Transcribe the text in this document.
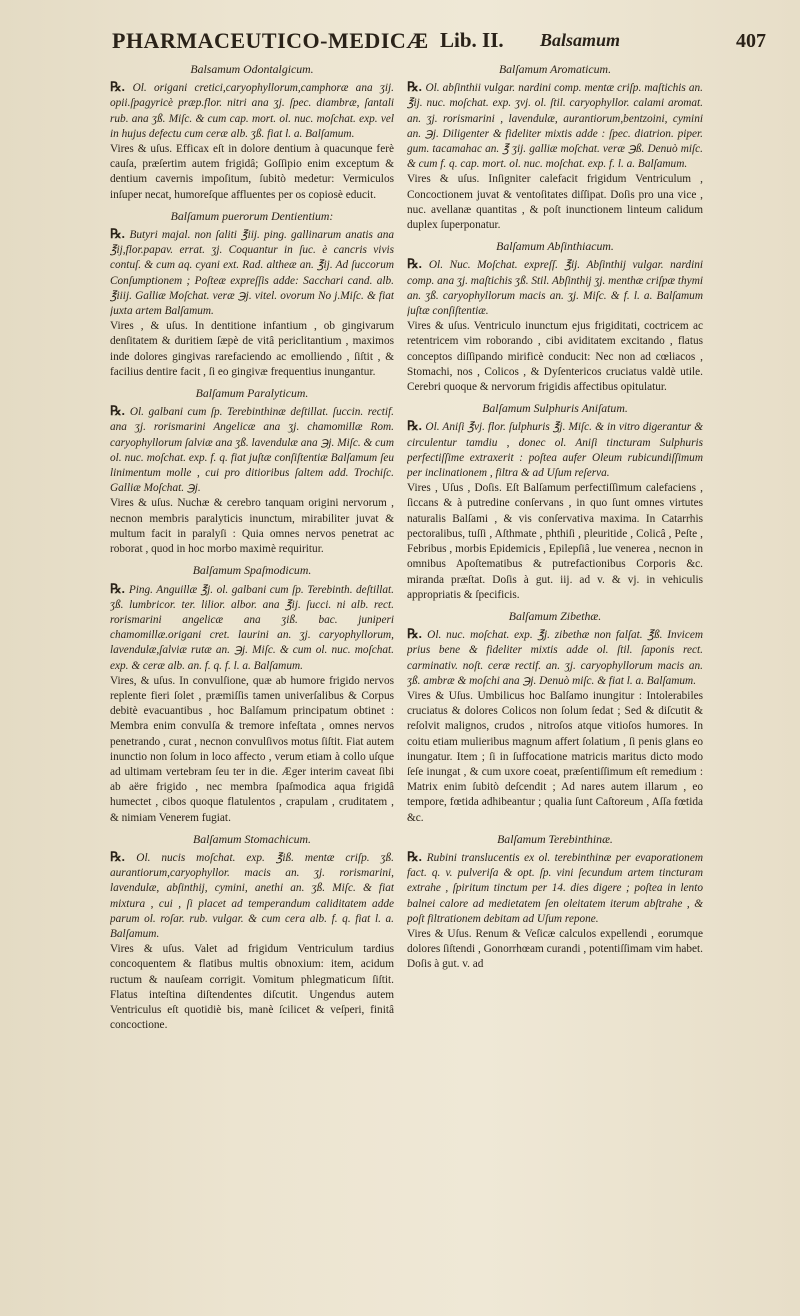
PHARMACEUTICO-MEDICÆ Lib. II. Balsamum	407
Balsamum Odontalgicum.

℞. Ol. origani cretici,caryophyllorum,camphoræ ana ʒij. opii.ſpagyricè præp.flor. nitri ana ʒj. ſpec. diambræ, ſantali rub. ana ʒß. Miſc. & cum cap. mort. ol. nuc. moſchat. exp. vel in hujus defectu cum ceræ alb. ʒß. fiat l. a. Balſamum.

Vires & uſus. Efficax eſt in dolore dentium à quacunque ferè cauſa, præſertim autem frigidâ; Goſſipio enim exceptum & dentium cavernis impoſitum, ſubitò medetur: Vermiculos inſuper necat, humoreſque affluentes per os copiosè educit.

Balſamum puerorum Dentientium:

℞. Butyri majal. non ſaliti ℥iij. ping. gallinarum anatis ana ℥ij,flor.papav. errat. ʒj. Coquantur in ſuc. è cancris vivis contuſ. & cum aq. cyani ext. Rad. altheæ an. ℥ij. Ad ſuccorum Conſumptionem ; Poſteæ expreſſis adde: Sacchari cand. alb. ℥iiij. Galliæ Moſchat. veræ ℈j. vitel. ovorum No j.Miſc. & fiat juxta artem Balſamum.

Vires , & uſus. In dentitione infantium , ob gingivarum denſitatem & duritiem ſæpè de vitâ periclitantium , maximos inde dolores gingivas rarefaciendo ac emolliendo , ſiſtit , & facilius dentire facit , ſi eo gingivæ frequentius inungantur.

Balſamum Paralyticum.

℞. Ol. galbani cum ſp. Terebinthinæ deſtillat. ſuccin. rectif. ana ʒj. rorismarini Angelicæ ana ʒj. chamomillæ Rom. caryophyllorum ſalviæ ana ʒß. lavendulæ ana ℈j. Miſc. & cum ol. nuc. moſchat. exp. f. q. fiat juſtæ conſiſtentiæ Balſamum ſeu linimentum molle , cui pro ditioribus ſaltem add. Trochiſc. Galliæ Moſchat. ℈j.

Vires & uſus. Nuchæ & cerebro tanquam origini nervorum , necnon membris paralyticis inunctum, mirabiliter juvat & multum facit in paralyſi : Quia omnes nervos penetrat ac roborat , quod in hoc morbo maximè requiritur.

Balſamum Spaſmodicum.

℞. Ping. Anguillæ ℥j. ol. galbani cum ſp. Terebinth. deſtillat. ʒß. lumbricor. ter. lilior. albor. ana ℥ij. ſucci. ni alb. rect. rorismarini angelicæ ana ʒiß. bac. juniperi chamomillæ.origani cret. laurini an. ʒj. caryophyllorum, lavendulæ,ſalviæ rutæ an. ℈j. Miſc. & cum ol. nuc. moſchat. exp. & ceræ alb. an. f. q. f. l. a. Balſamum.

Vires, & uſus. In convulſione, quæ ab humore frigido nervos replente fieri ſolet , præmiſſis tamen univerſalibus & Corpus debitè evacuantibus , hoc Balſamum principatum obtinet : Membra enim convulſa & tremore infeſtata , omnes nervos penetrando , curat , necnon convulſivos motus ſiſtit. Fiat autem inunctio non ſolum in loco affecto , verum etiam à collo uſque ad ultimam vertebram ſeu ter in die. Æger interim caveat ſibi ab aëre frigido , nec membra ſpaſmodica aqua frigidâ humectet , cibos quoque flatulentos , crapulam , cruditatem , & nimiam Venerem fugiat.

Balſamum Stomachicum.

℞. Ol. nucis moſchat. exp. ℥iß. mentæ criſp. ʒß. aurantiorum,caryophyllor. macis an. ʒj. rorismarini, lavendulæ, abſinthij, cymini, anethi an. ʒß. Miſc. & fiat mixtura , cui , ſi placet ad temperandum caliditatem adde parum ol. roſar. rub. vulgar. & cum cera alb. f. q. fiat l. a. Balſamum.

Vires & uſus. Valet ad frigidum Ventriculum tardius concoquentem & flatibus multis obnoxium: item, acidum ructum & nauſeam corrigit. Vomitum phlegmaticum ſiſtit. Flatus inteſtina diſtendentes diſcutit. Ungendus autem Ventriculus eſt quotidiè bis, manè ſcilicet & veſperi, finitâ concoctione.

Balſamum Aromaticum.

℞. Ol. abſinthii vulgar. nardini comp. mentæ criſp. maſtichis an. ℥ij. nuc. moſchat. exp. ʒvj. ol. ſtil. caryophyllor. calami aromat. an. ʒj. rorismarini , lavendulæ, aurantiorum,bentzoini, cymini an. ℈j. Diligenter & fideliter mixtis adde : ſpec. diatrion. piper. gum. tacamahac an. ℥ ʒij. galliæ moſchat. veræ ℈ß. Denuò miſc. & cum f. q. cap. mort. ol. nuc. moſchat. exp. f. l. a. Balſamum.

Vires & uſus. Inſigniter calefacit frigidum Ventriculum , Concoctionem juvat & ventoſitates diſſipat. Doſis pro una vice , nuc. avellanæ quantitas , & poſt inunctionem linteum calidum duplex ſuperponatur.

Balſamum Abſinthiacum.

℞. Ol. Nuc. Moſchat. expreſſ. ℥ij. Abſinthij vulgar. nardini comp. ana ʒj. maſtichis ʒß. Stil. Abſinthij ʒj. menthæ criſpæ thymi an. ʒß. caryophyllorum macis an. ʒj. Miſc. & f. l. a. Balſamum juſtæ conſiſtentiæ.

Vires & uſus. Ventriculo inunctum ejus frigiditati, coctricem ac retentricem vim roborando , cibi aviditatem excitando , flatus conceptos diſſipando mirificè conducit: Nec non ad cœliacos , Stomachi, nos , Colicos , & Dyſentericos cruciatus valdè utile. Cerebri quoque & nervorum frigidis affectibus opitulatur.

Balſamum Sulphuris Aniſatum.

℞. Ol. Aniſi ℥vj. flor. ſulphuris ℥j. Miſc. & in vitro digerantur & circulentur tamdiu , donec ol. Aniſi tincturam Sulphuris perfectiſſime extraxerit : poſtea aufer Oleum rubicundiſſimum per inclinationem , filtra & ad Uſum reſerva.

Vires , Uſus , Doſis. Eſt Balſamum perfectiſſimum calefaciens , ſiccans & à putredine conſervans , in quo ſunt omnes virtutes naturalis Balſami , & vis conſervativa maxima. In Catarrhis pectoralibus, tuſſi , Aſthmate , phthiſi , pleuritide , Colicâ , Peſte , Febribus , morbis Epidemicis , Epilepſiâ , lue venerea , necnon in omnibus Apoſtematibus & putrefactionibus Corporis &c. miranda præſtat. Doſis à gut. iij. ad v. & vj. in vehiculis appropriatis & ſpecificis.

Balſamum Zibethæ.

℞. Ol. nuc. moſchat. exp. ℥j. zibethæ non falſat. ℥ß. Invicem prius bene & fideliter mixtis adde ol. ſtil. ſaponis rect. carminativ. noſt. ceræ rectif. an. ʒj. caryophyllorum macis an. ʒß. ambræ & moſchi ana ℈j. Denuò miſc. & fiat l. a. Balſamum.

Vires & Uſus. Umbilicus hoc Balſamo inungitur : Intolerabiles cruciatus & dolores Colicos non ſolum ſedat ; Sed & diſcutit & reſolvit malignos, crudos , nitroſos atque vitioſos humores. In coitu etiam mulieribus magnum affert ſolatium , ſi penis glans eo inungatur. Item ; ſi in ſuffocatione matricis maritus dicto modo ſeſe inungat , & cum uxore coeat, præſentiſſimum eſt remedium : Matrix enim ſubitò deſcendit ; Ad nares autem illarum , eo tempore, fœtida adhibeantur ; qualia ſunt Caſtoreum , Aſſa fœtida &c.

Balſamum Terebinthinæ.

℞. Rubini translucentis ex ol. terebinthinæ per evaporationem fact. q. v. pulveriſa & opt. ſp. vini ſecundum artem tincturam extrahe , ſpiritum tinctum per 14. dies digere ; poſtea in lento balnei calore ad medietatem ſen oleitatem iterum abſtrahe , & poſt filtrationem debitam ad Uſum repone.

Vires & Uſus. Renum & Veſicæ calculos expellendi , eorumque dolores ſiſtendi , Gonorrhœam curandi , potentiſſimam vim habet. Doſis à gut. v. ad
